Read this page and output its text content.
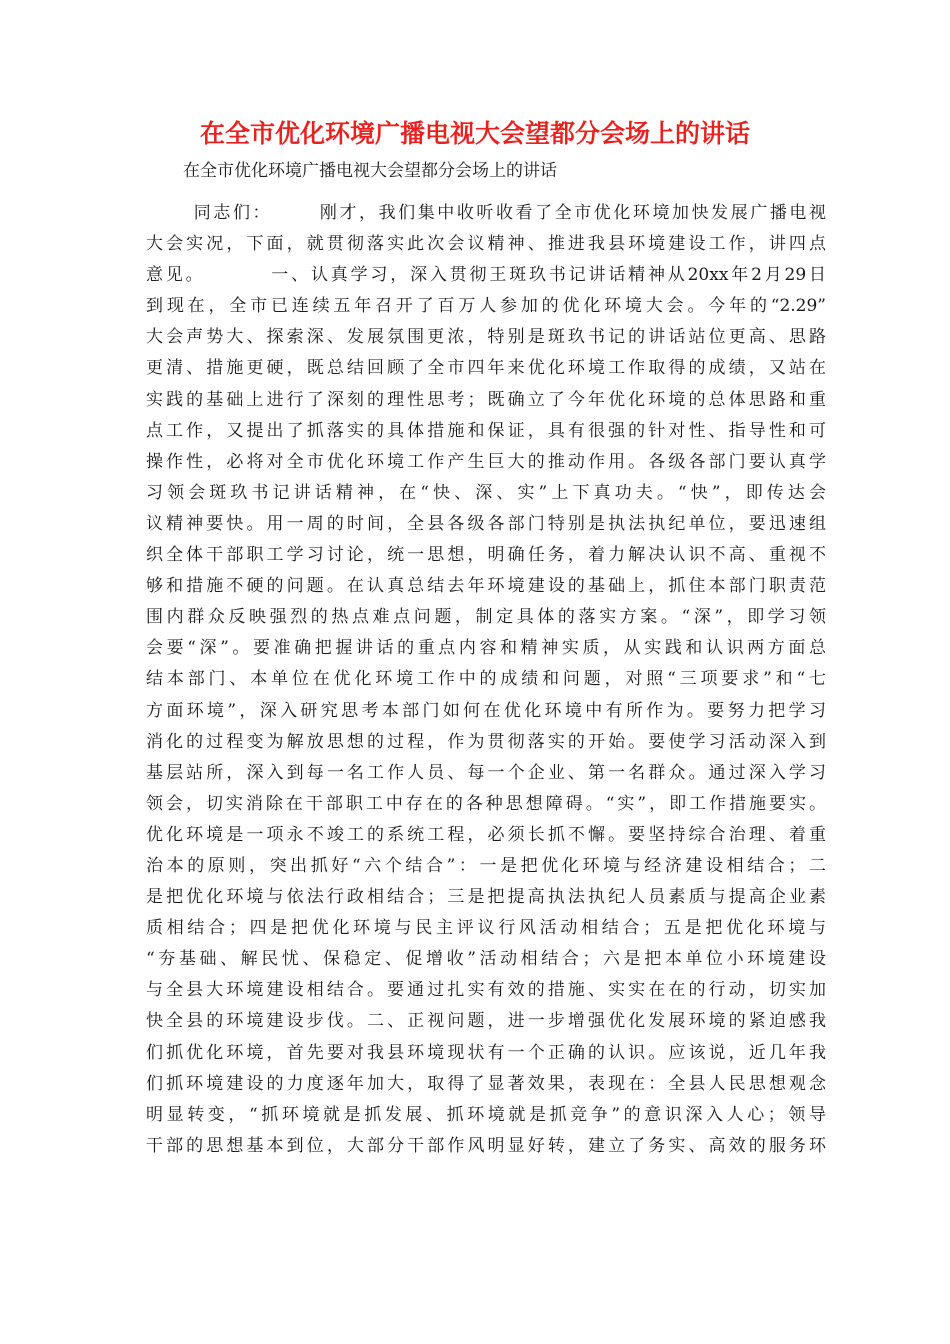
在全市优化环境广播电视大会望都分会场上的讲话

在全市优化环境广播电视大会望都分会场上的讲话

同志们：      刚才，我们集中收听收看了全市优化环境加快发展广播电视
大会实况，下面，就贯彻落实此次会议精神、推进我县环境建设工作，讲四点
意见。        一、认真学习，深入贯彻王斑玖书记讲话精神从20xx年2月29日
到现在，全市已连续五年召开了百万人参加的优化环境大会。今年的“2.29”
大会声势大、探索深、发展氛围更浓，特别是斑玖书记的讲话站位更高、思路
更清、措施更硬，既总结回顾了全市四年来优化环境工作取得的成绩，又站在
实践的基础上进行了深刻的理性思考；既确立了今年优化环境的总体思路和重
点工作，又提出了抓落实的具体措施和保证，具有很强的针对性、指导性和可
操作性，必将对全市优化环境工作产生巨大的推动作用。各级各部门要认真学
习领会斑玖书记讲话精神，在“快、深、实”上下真功夫。“快”，即传达会
议精神要快。用一周的时间，全县各级各部门特别是执法执纪单位，要迅速组
织全体干部职工学习讨论，统一思想，明确任务，着力解决认识不高、重视不
够和措施不硬的问题。在认真总结去年环境建设的基础上，抓住本部门职责范
围内群众反映强烈的热点难点问题，制定具体的落实方案。“深”，即学习领
会要“深”。要准确把握讲话的重点内容和精神实质，从实践和认识两方面总
结本部门、本单位在优化环境工作中的成绩和问题，对照“三项要求”和“七
方面环境”，深入研究思考本部门如何在优化环境中有所作为。要努力把学习
消化的过程变为解放思想的过程，作为贯彻落实的开始。要使学习活动深入到
基层站所，深入到每一名工作人员、每一个企业、第一名群众。通过深入学习
领会，切实消除在干部职工中存在的各种思想障碍。“实”，即工作措施要实。
优化环境是一项永不竣工的系统工程，必须长抓不懈。要坚持综合治理、着重
治本的原则，突出抓好“六个结合”：一是把优化环境与经济建设相结合；二
是把优化环境与依法行政相结合；三是把提高执法执纪人员素质与提高企业素
质相结合；四是把优化环境与民主评议行风活动相结合；五是把优化环境与
“夯基础、解民忧、保稳定、促增收”活动相结合；六是把本单位小环境建设
与全县大环境建设相结合。要通过扎实有效的措施、实实在在的行动，切实加
快全县的环境建设步伐。二、正视问题，进一步增强优化发展环境的紧迫感我
们抓优化环境，首先要对我县环境现状有一个正确的认识。应该说，近几年我
们抓环境建设的力度逐年加大，取得了显著效果，表现在：全县人民思想观念
明显转变，“抓环境就是抓发展、抓环境就是抓竞争”的意识深入人心；领导
干部的思想基本到位，大部分干部作风明显好转，建立了务实、高效的服务环
